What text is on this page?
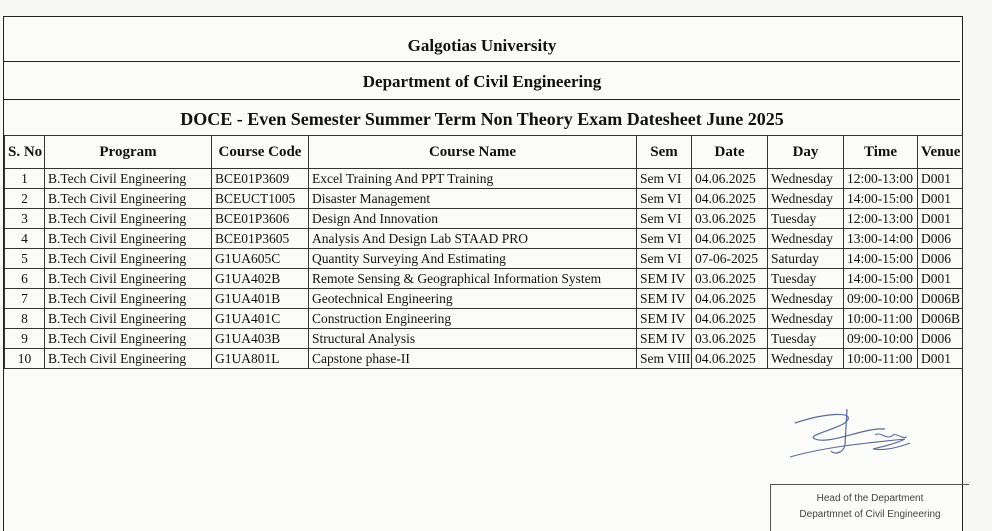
Galgotias University
Department of Civil Engineering
DOCE - Even Semester Summer Term Non Theory Exam Datesheet June 2025
S. No	Program	Course Code	Course Name	Sem	Date	Day	Time	Venue
1	B.Tech Civil Engineering	BCE01P3609	Excel Training And PPT Training	Sem VI	04.06.2025	Wednesday	12:00-13:00	D001
2	B.Tech Civil Engineering	BCEUCT1005	Disaster Management	Sem VI	04.06.2025	Wednesday	14:00-15:00	D001
3	B.Tech Civil Engineering	BCE01P3606	Design And Innovation	Sem VI	03.06.2025	Tuesday	12:00-13:00	D001
4	B.Tech Civil Engineering	BCE01P3605	Analysis And Design Lab STAAD PRO	Sem VI	04.06.2025	Wednesday	13:00-14:00	D006
5	B.Tech Civil Engineering	G1UA605C	Quantity Surveying And Estimating	Sem VI	07-06-2025	Saturday	14:00-15:00	D006
6	B.Tech Civil Engineering	G1UA402B	Remote Sensing & Geographical Information System	SEM IV	03.06.2025	Tuesday	14:00-15:00	D001
7	B.Tech Civil Engineering	G1UA401B	Geotechnical Engineering	SEM IV	04.06.2025	Wednesday	09:00-10:00	D006B
8	B.Tech Civil Engineering	G1UA401C	Construction Engineering	SEM IV	04.06.2025	Wednesday	10:00-11:00	D006B
9	B.Tech Civil Engineering	G1UA403B	Structural Analysis	SEM IV	03.06.2025	Tuesday	09:00-10:00	D006
10	B.Tech Civil Engineering	G1UA801L	Capstone phase-II	Sem VIII	04.06.2025	Wednesday	10:00-11:00	D001
Head of the Department
Departmnet of Civil Engineering
